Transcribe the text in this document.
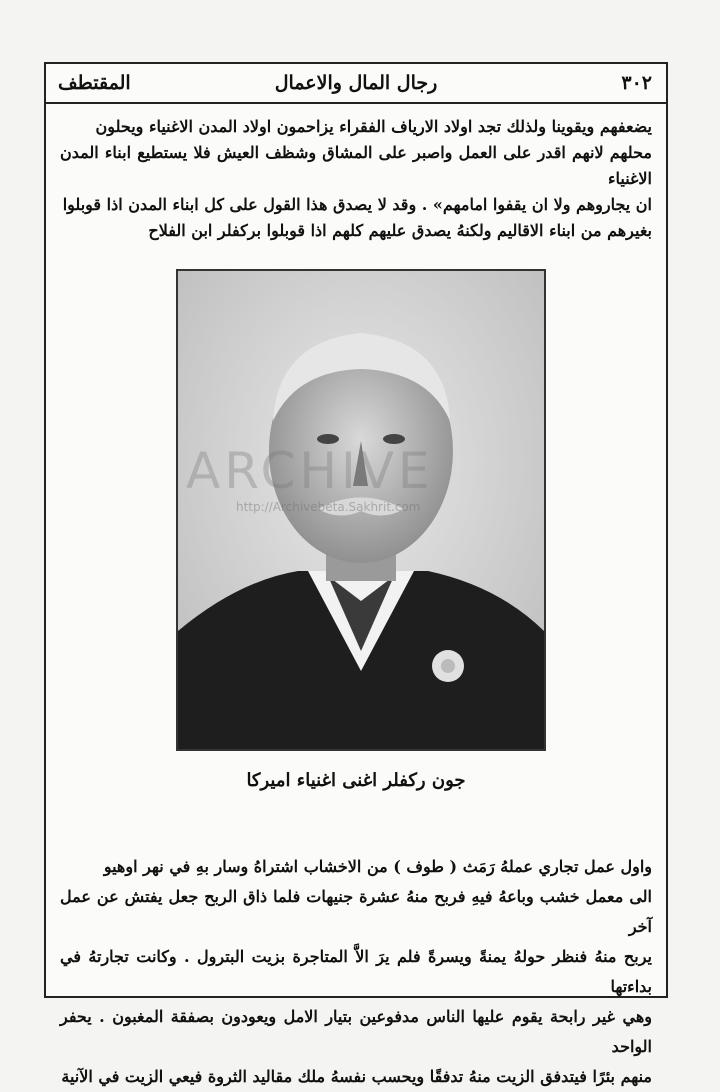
٣٠٢
رجال المال والاعمال
المقتطف

يضعفهم ويقوينا ولذلك تجد اولاد الارياف الفقراء يزاحمون اولاد المدن الاغنياء ويحلون

محلهم لانهم اقدر على العمل واصبر على المشاق وشظف العيش فلا يستطيع ابناء المدن الاغنياء

ان يجاروهم ولا ان يقفوا امامهم» . وقد لا يصدق هذا القول على كل ابناء المدن اذا قوبلوا

بغيرهم من ابناء الاقاليم ولكنهُ يصدق عليهم كلهم اذا قوبلوا بركفلر ابن الفلاح

جون ركفلر اغنى اغنياء اميركا

واول عمل تجاري عملهُ رَمَث ( طوف ) من الاخشاب اشتراهُ وسار بهِ في نهر اوهيو

الى معمل خشب وباعهُ فيهِ فربح منهُ عشرة جنيهات فلما ذاق الربح جعل يفتش عن عمل آخر

يربح منهُ فنظر حولهُ يمنةً ويسرةً فلم يرَ الاَّ المتاجرة بزيت البترول . وكانت تجارتهُ في بداءتها

وهي غير رابحة يقوم عليها الناس مدفوعين بتيار الامل ويعودون بصفقة المغبون . يحفر الواحد

منهم بئرًا فيتدفق الزيت منهُ تدفقًا ويحسب نفسهُ ملك مقاليد الثروة فيعي الزيت في الآنية

ARCHIVE
http://Archivebeta.Sakhrit.com
